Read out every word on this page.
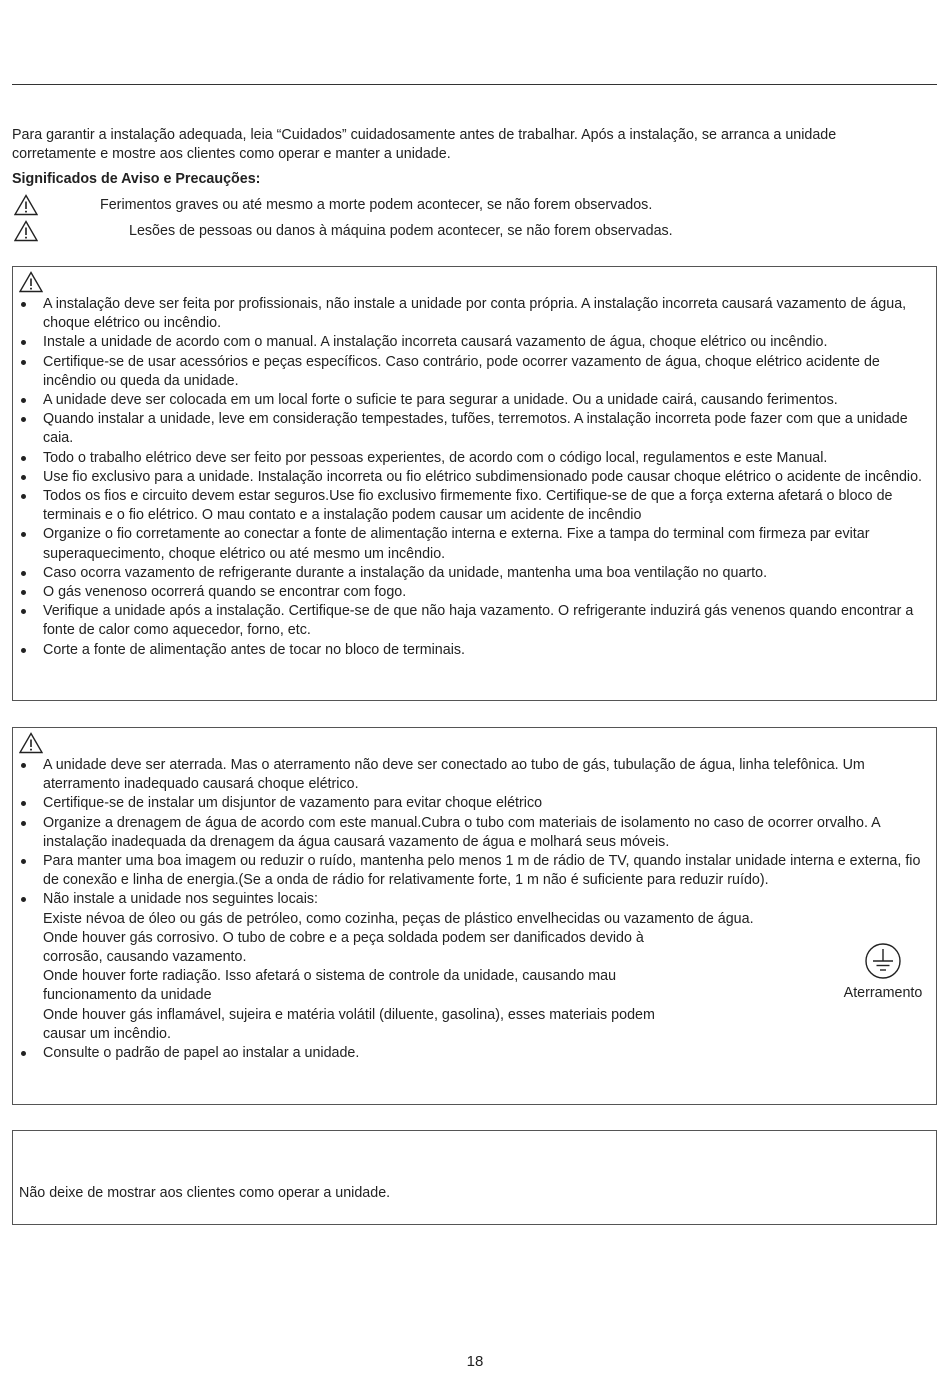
Para garantir a instalação adequada, leia “Cuidados” cuidadosamente antes de trabalhar. Após a instalação, se arranca a unidade

corretamente e mostre aos clientes como operar e manter a unidade.

Significados de Aviso e Precauções:
Ferimentos graves ou até mesmo a morte podem acontecer, se não forem observados.
Lesões de pessoas ou danos à máquina podem acontecer, se não forem observadas.
A instalação deve ser feita por profissionais, não instale a unidade por conta própria. A instalação incorreta causará vazamento de água, choque elétrico ou incêndio.
Instale a unidade de acordo com o manual. A instalação incorreta causará vazamento de água, choque elétrico ou incêndio.
Certifique-se de usar acessórios e peças específicos. Caso contrário, pode ocorrer vazamento de água, choque elétrico acidente de incêndio ou queda da unidade.
A unidade deve ser colocada em um local forte o suficie te para segurar a unidade. Ou a unidade cairá, causando ferimentos.
Quando instalar a unidade, leve em consideração tempestades, tufões, terremotos. A instalação incorreta pode fazer com que a unidade caia.
Todo o trabalho elétrico deve ser feito por pessoas experientes, de acordo com o código local, regulamentos e este Manual.
Use fio exclusivo para a unidade. Instalação incorreta ou fio elétrico subdimensionado pode causar choque elétrico o acidente de incêndio.
Todos os fios e circuito devem estar seguros.Use fio exclusivo firmemente fixo. Certifique-se de que a força externa afetará o bloco de terminais e o fio elétrico. O mau contato e a instalação podem causar um acidente de incêndio
Organize o fio corretamente ao conectar a fonte de alimentação interna e externa. Fixe a tampa do terminal com firmeza par evitar superaquecimento, choque elétrico ou até mesmo um incêndio.
Caso ocorra vazamento de refrigerante durante a instalação da unidade, mantenha uma boa ventilação no quarto.
O gás venenoso ocorrerá quando se encontrar com fogo.
Verifique a unidade após a instalação. Certifique-se de que não haja vazamento. O refrigerante induzirá gás venenos quando encontrar a fonte de calor como aquecedor, forno, etc.
Corte a fonte de alimentação antes de tocar no bloco de terminais.
A unidade deve ser aterrada. Mas o aterramento não deve ser conectado ao tubo de gás, tubulação de água, linha telefônica. Um aterramento inadequado causará choque elétrico.
Certifique-se de instalar um disjuntor de vazamento para evitar choque elétrico
Organize a drenagem de água de acordo com este manual.Cubra o tubo com materiais de isolamento no caso de ocorrer orvalho. A instalação inadequada da drenagem da água causará vazamento de água e molhará seus móveis.
Para manter uma boa imagem ou reduzir o ruído, mantenha pelo menos 1 m de rádio de TV, quando instalar unidade interna e externa, fio de conexão e linha de energia.(Se a onda de rádio for relativamente forte, 1 m não é suficiente para reduzir ruído).
Não instale a unidade nos seguintes locais:
Existe névoa de óleo ou gás de petróleo, como cozinha, peças de plástico envelhecidas ou vazamento de água.
Onde houver gás corrosivo. O tubo de cobre e a peça soldada podem ser danificados devido à
corrosão, causando vazamento.
Onde houver forte radiação. Isso afetará o sistema de controle da unidade, causando mau
funcionamento da unidade
Onde houver gás inflamável, sujeira e matéria volátil (diluente, gasolina), esses materiais podem
causar um incêndio.
Consulte o padrão de papel ao instalar a unidade.
Aterramento
Não deixe de mostrar aos clientes como operar a unidade.
18
